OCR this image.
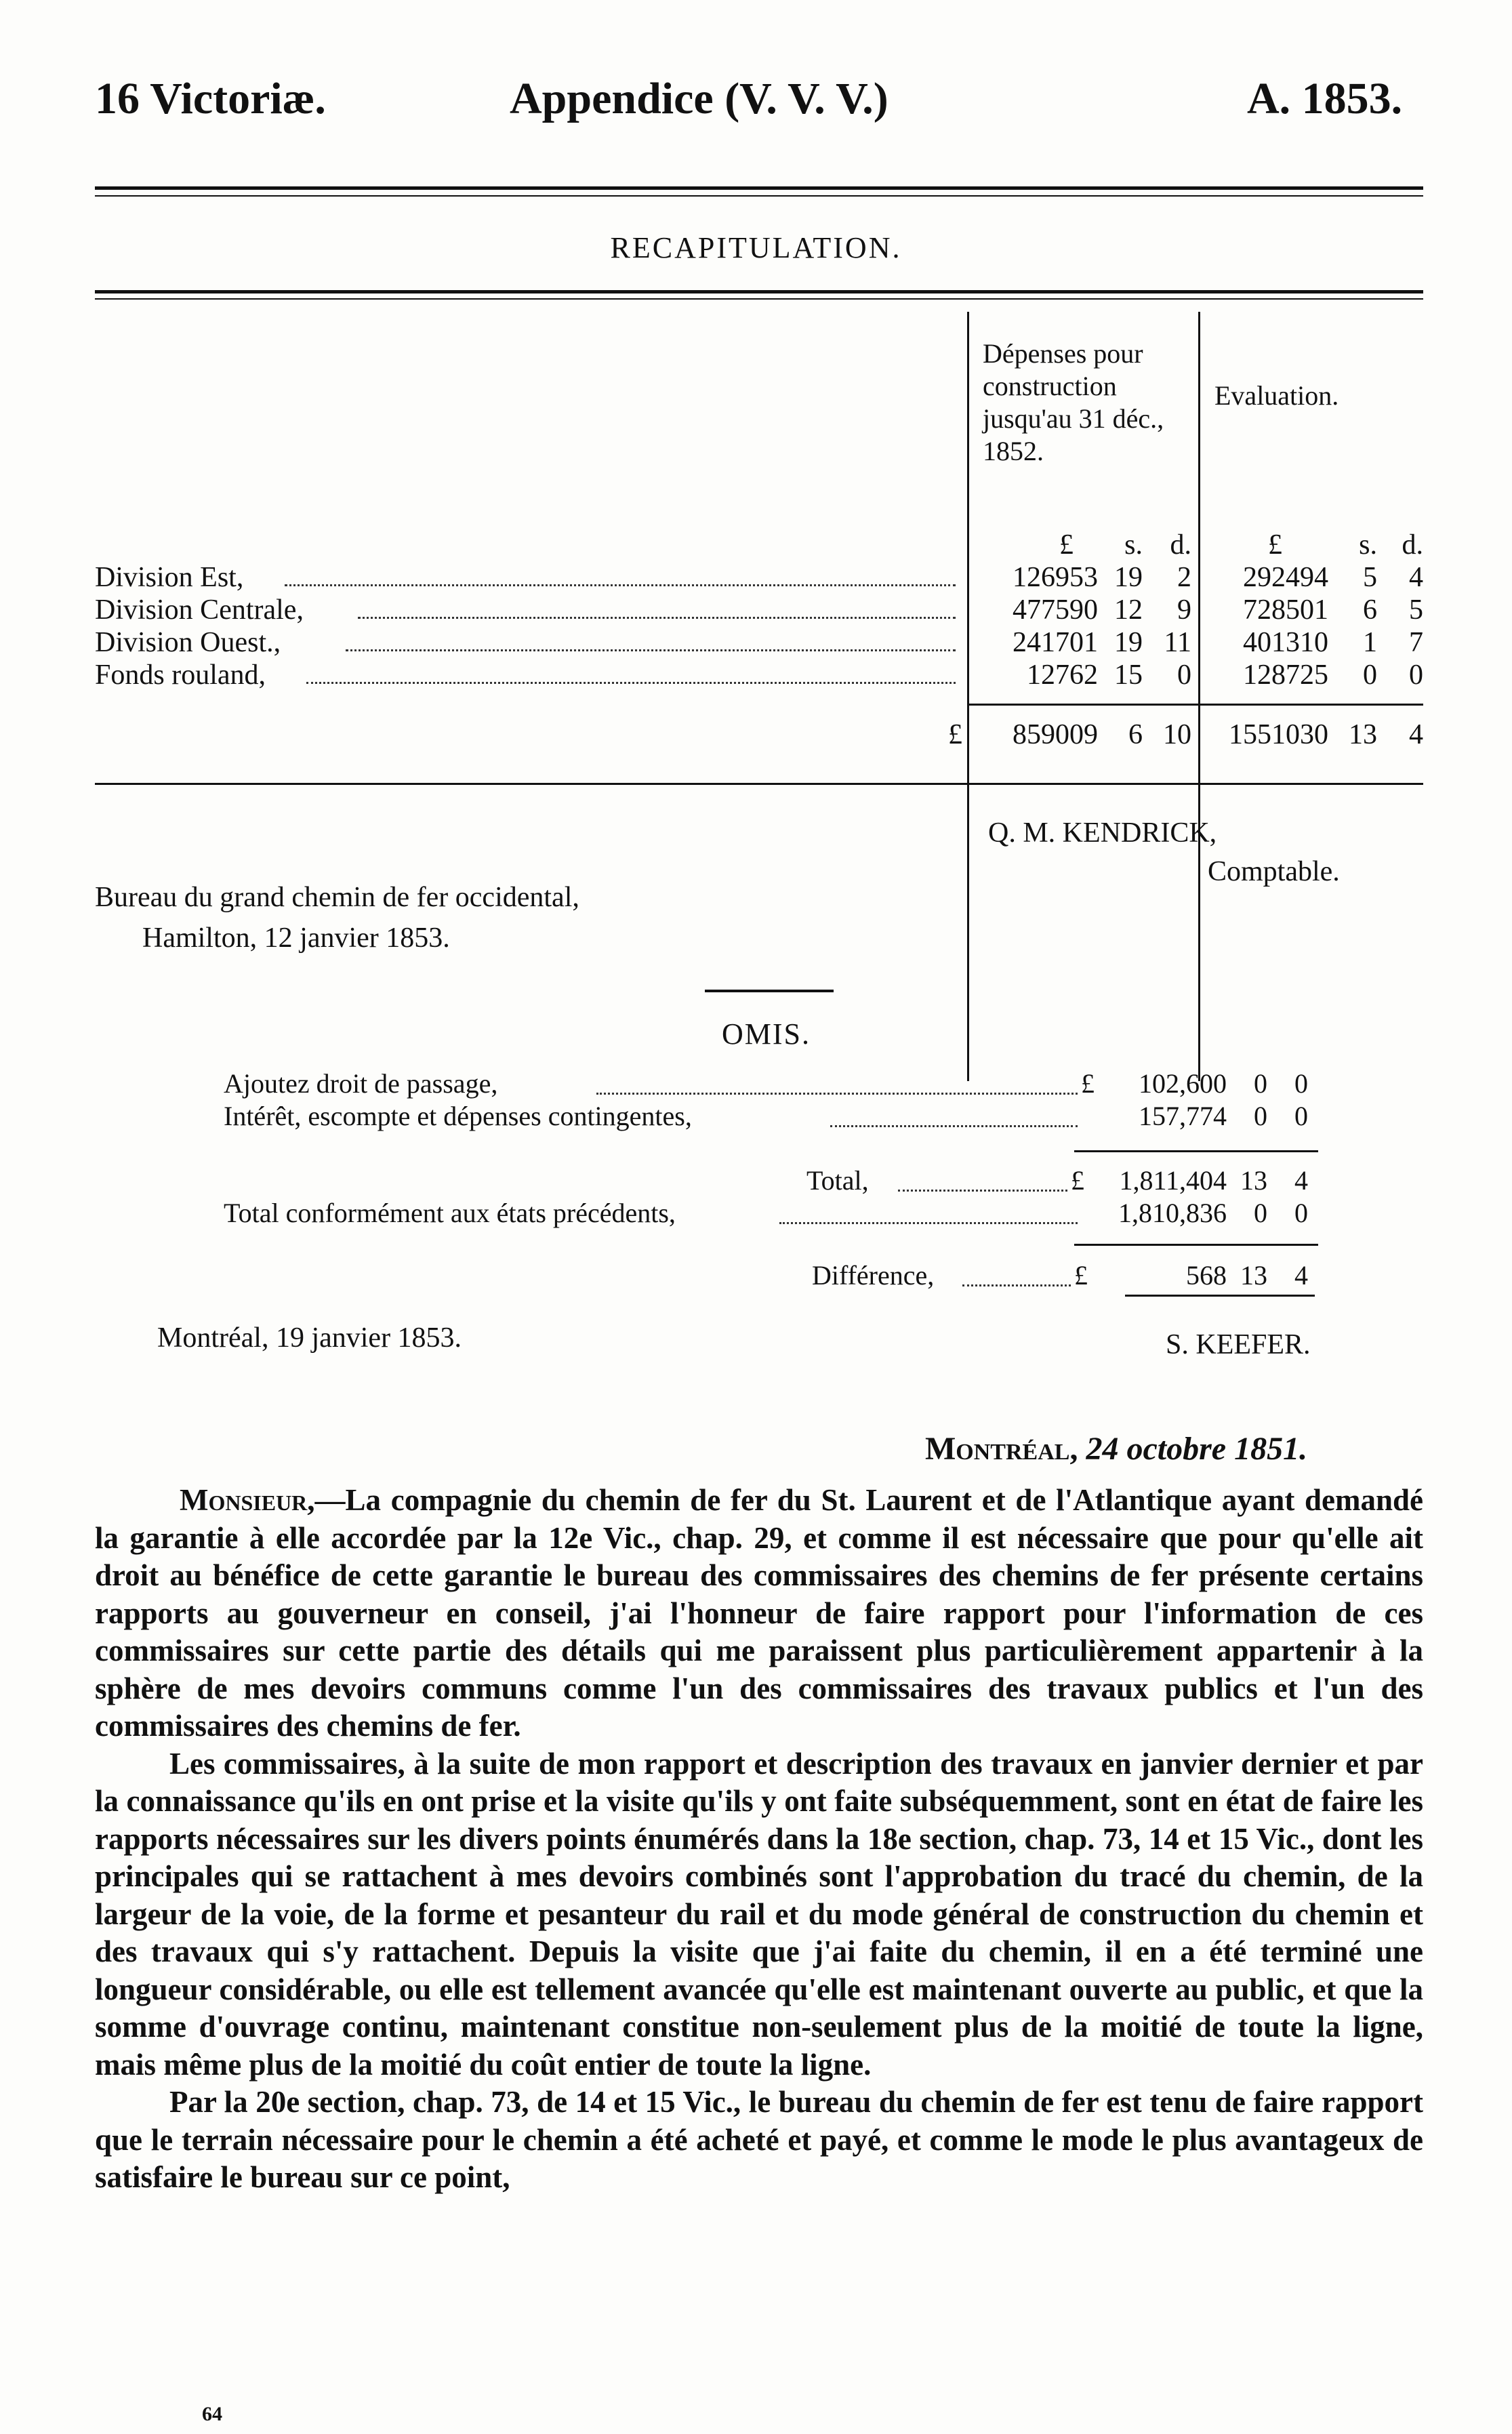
16 Victoriæ.	Appendice (V. V. V.)	A. 1853.
RECAPITULATION.
Dépenses pour construction jusqu'au 31 déc., 1852.
Evaluation.
£	s. d.	£	s. d.
Division Est,	126953 19	2	292494	5	4
Division Centrale,	477590 12	9	728501	6	5
Division Ouest.,	241701 19 11	401310	1	7
Fonds rouland,	12762 15	0	128725	0	0
£	859009	6 10	1551030 13	4
Q. M. KENDRICK,
Comptable.
Bureau du grand chemin de fer occidental,
Hamilton, 12 janvier 1853.
OMIS.
Ajoutez droit de passage,	£	102,600	0	0
Intérêt, escompte et dépenses contingentes,	157,774	0	0
Total,	£	1,811,404 13	4
Total conformément aux états précédents,	1,810,836	0	0
Différence,	£	568 13	4
Montréal, 19 janvier 1853.	S. KEEFER.
Montréal, 24 octobre 1851.

Monsieur,—La compagnie du chemin de fer du St. Laurent et de l'Atlantique ayant demandé la garantie à elle accordée par la 12e Vic., chap. 29, et comme il est nécessaire que pour qu'elle ait droit au bénéfice de cette garantie le bureau des commissaires des chemins de fer présente certains rapports au gouverneur en conseil, j'ai l'honneur de faire rapport pour l'information de ces commissaires sur cette partie des détails qui me paraissent plus particulièrement appartenir à la sphère de mes devoirs communs comme l'un des commissaires des travaux publics et l'un des commissaires des chemins de fer.

Les commissaires, à la suite de mon rapport et description des travaux en janvier dernier et par la connaissance qu'ils en ont prise et la visite qu'ils y ont faite subséquemment, sont en état de faire les rapports nécessaires sur les divers points énumérés dans la 18e section, chap. 73, 14 et 15 Vic., dont les principales qui se rattachent à mes devoirs combinés sont l'approbation du tracé du chemin, de la largeur de la voie, de la forme et pesanteur du rail et du mode général de construction du chemin et des travaux qui s'y rattachent. Depuis la visite que j'ai faite du chemin, il en a été terminé une longueur considérable, ou elle est tellement avancée qu'elle est maintenant ouverte au public, et que la somme d'ouvrage continu, maintenant constitue non-seulement plus de la moitié de toute la ligne, mais même plus de la moitié du coût entier de toute la ligne.

Par la 20e section, chap. 73, de 14 et 15 Vic., le bureau du chemin de fer est tenu de faire rapport que le terrain nécessaire pour le chemin a été acheté et payé, et comme le mode le plus avantageux de satisfaire le bureau sur ce point,

64
